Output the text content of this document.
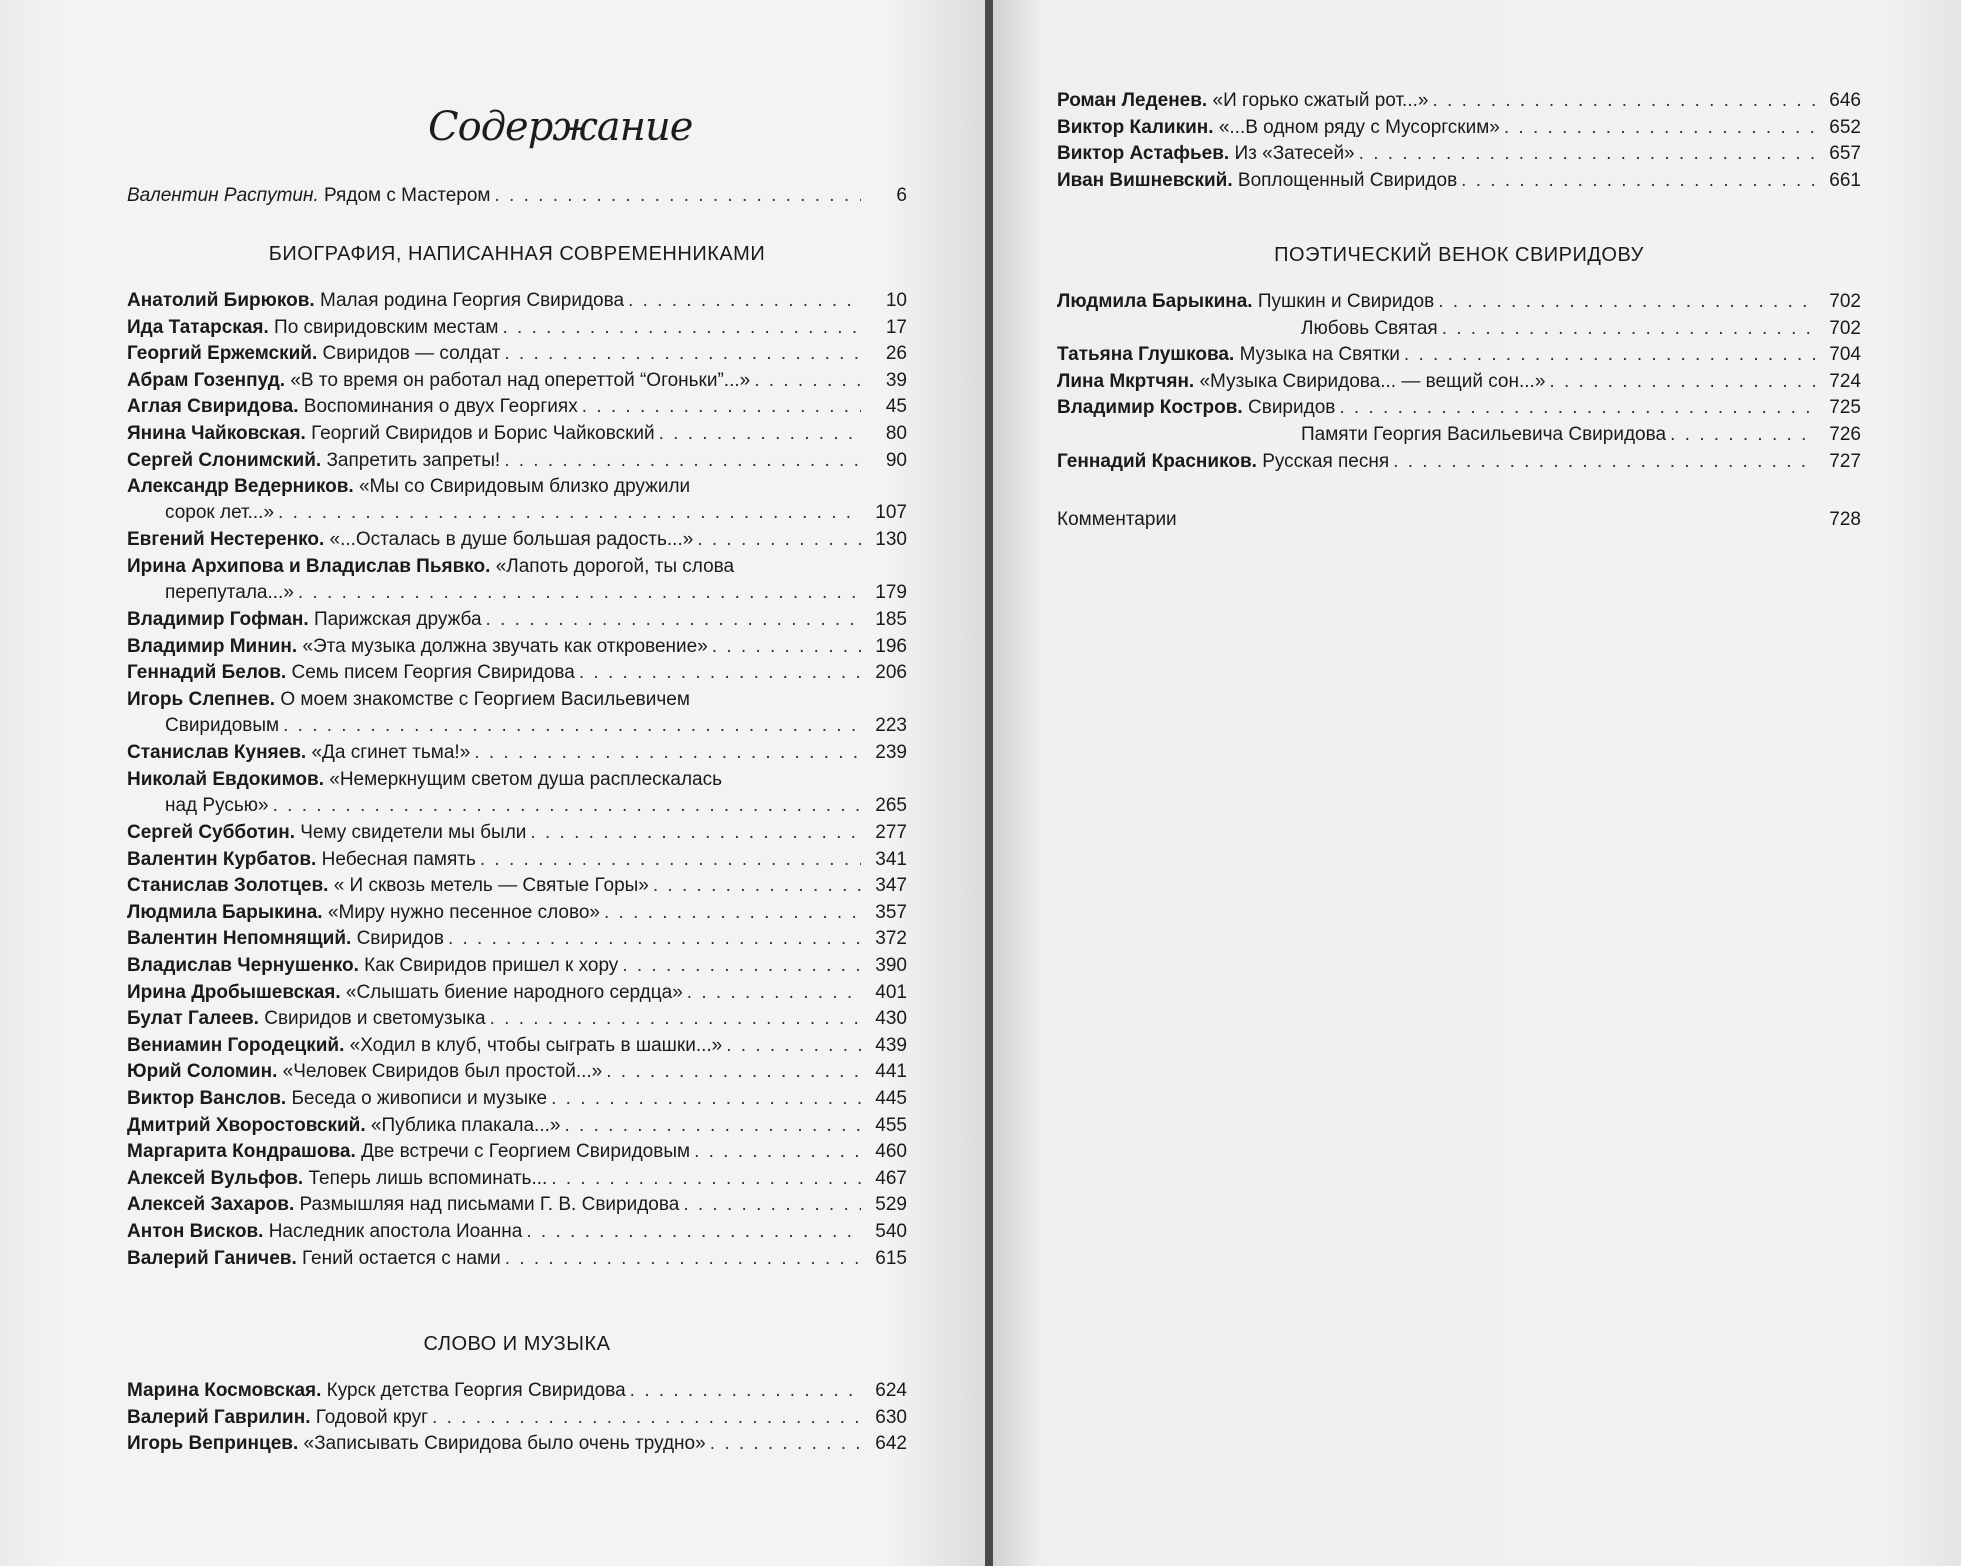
Содержание
Валентин Распутин. Рядом с Мастером . . .	6
БИОГРАФИЯ, НАПИСАННАЯ СОВРЕМЕННИКАМИ
Анатолий Бирюков. Малая родина Георгия Свиридова . . .	10
Ида Татарская. По свиридовским местам . . .	17
Георгий Ержемский. Свиридов — солдат . . .	26
Абрам Гозенпуд. «В то время он работал над опереттой “Огоньки”...» . . .	39
Аглая Свиридова. Воспоминания о двух Георгиях . . .	45
Янина Чайковская. Георгий Свиридов и Борис Чайковский . . .	80
Сергей Слонимский. Запретить запреты! . . .	90
Александр Ведерников. «Мы со Свиридовым близко дружили
сорок лет...» . . .	107
Евгений Нестеренко. «...Осталась в душе большая радость...» . . .	130
Ирина Архипова и Владислав Пьявко. «Лапоть дорогой, ты слова
перепутала...» . . .	179
Владимир Гофман. Парижская дружба . . .	185
Владимир Минин. «Эта музыка должна звучать как откровение» . . .	196
Геннадий Белов. Семь писем Георгия Свиридова . . .	206
Игорь Слепнев. О моем знакомстве с Георгием Васильевичем
Свиридовым . . .	223
Станислав Куняев. «Да сгинет тьма!» . . .	239
Николай Евдокимов. «Немеркнущим светом душа расплескалась
над Русью» . . .	265
Сергей Субботин. Чему свидетели мы были . . .	277
Валентин Курбатов. Небесная память . . .	341
Станислав Золотцев. « И сквозь метель — Святые Горы» . . .	347
Людмила Барыкина. «Миру нужно песенное слово» . . .	357
Валентин Непомнящий. Свиридов . . .	372
Владислав Чернушенко. Как Свиридов пришел к хору . . .	390
Ирина Дробышевская. «Слышать биение народного сердца» . . .	401
Булат Галеев. Свиридов и светомузыка . . .	430
Вениамин Городецкий. «Ходил в клуб, чтобы сыграть в шашки...» . . .	439
Юрий Соломин. «Человек Свиридов был простой...» . . .	441
Виктор Ванслов. Беседа о живописи и музыке . . .	445
Дмитрий Хворостовский. «Публика плакала...» . . .	455
Маргарита Кондрашова. Две встречи с Георгием Свиридовым . . .	460
Алексей Вульфов. Теперь лишь вспоминать... . . .	467
Алексей Захаров. Размышляя над письмами Г. В. Свиридова . . .	529
Антон Висков. Наследник апостола Иоанна . . .	540
Валерий Ганичев. Гений остается с нами . . .	615
СЛОВО И МУЗЫКА
Марина Космовская. Курск детства Георгия Свиридова . . .	624
Валерий Гаврилин. Годовой круг . . .	630
Игорь Вепринцев. «Записывать Свиридова было очень трудно» . . .	642
Роман Леденев. «И горько сжатый рот...» . . .	646
Виктор Каликин. «...В одном ряду с Мусоргским» . . .	652
Виктор Астафьев. Из «Затесей» . . .	657
Иван Вишневский. Воплощенный Свиридов . . .	661
ПОЭТИЧЕСКИЙ ВЕНОК СВИРИДОВУ
Людмила Барыкина. Пушкин и Свиридов . . .	702
Любовь Святая . . .	702
Татьяна Глушкова. Музыка на Святки . . .	704
Лина Мкртчян. «Музыка Свиридова... — вещий сон...» . . .	724
Владимир Костров. Свиридов . . .	725
Памяти Георгия Васильевича Свиридова . . .	726
Геннадий Красников. Русская песня . . .	727
Комментарии	728
